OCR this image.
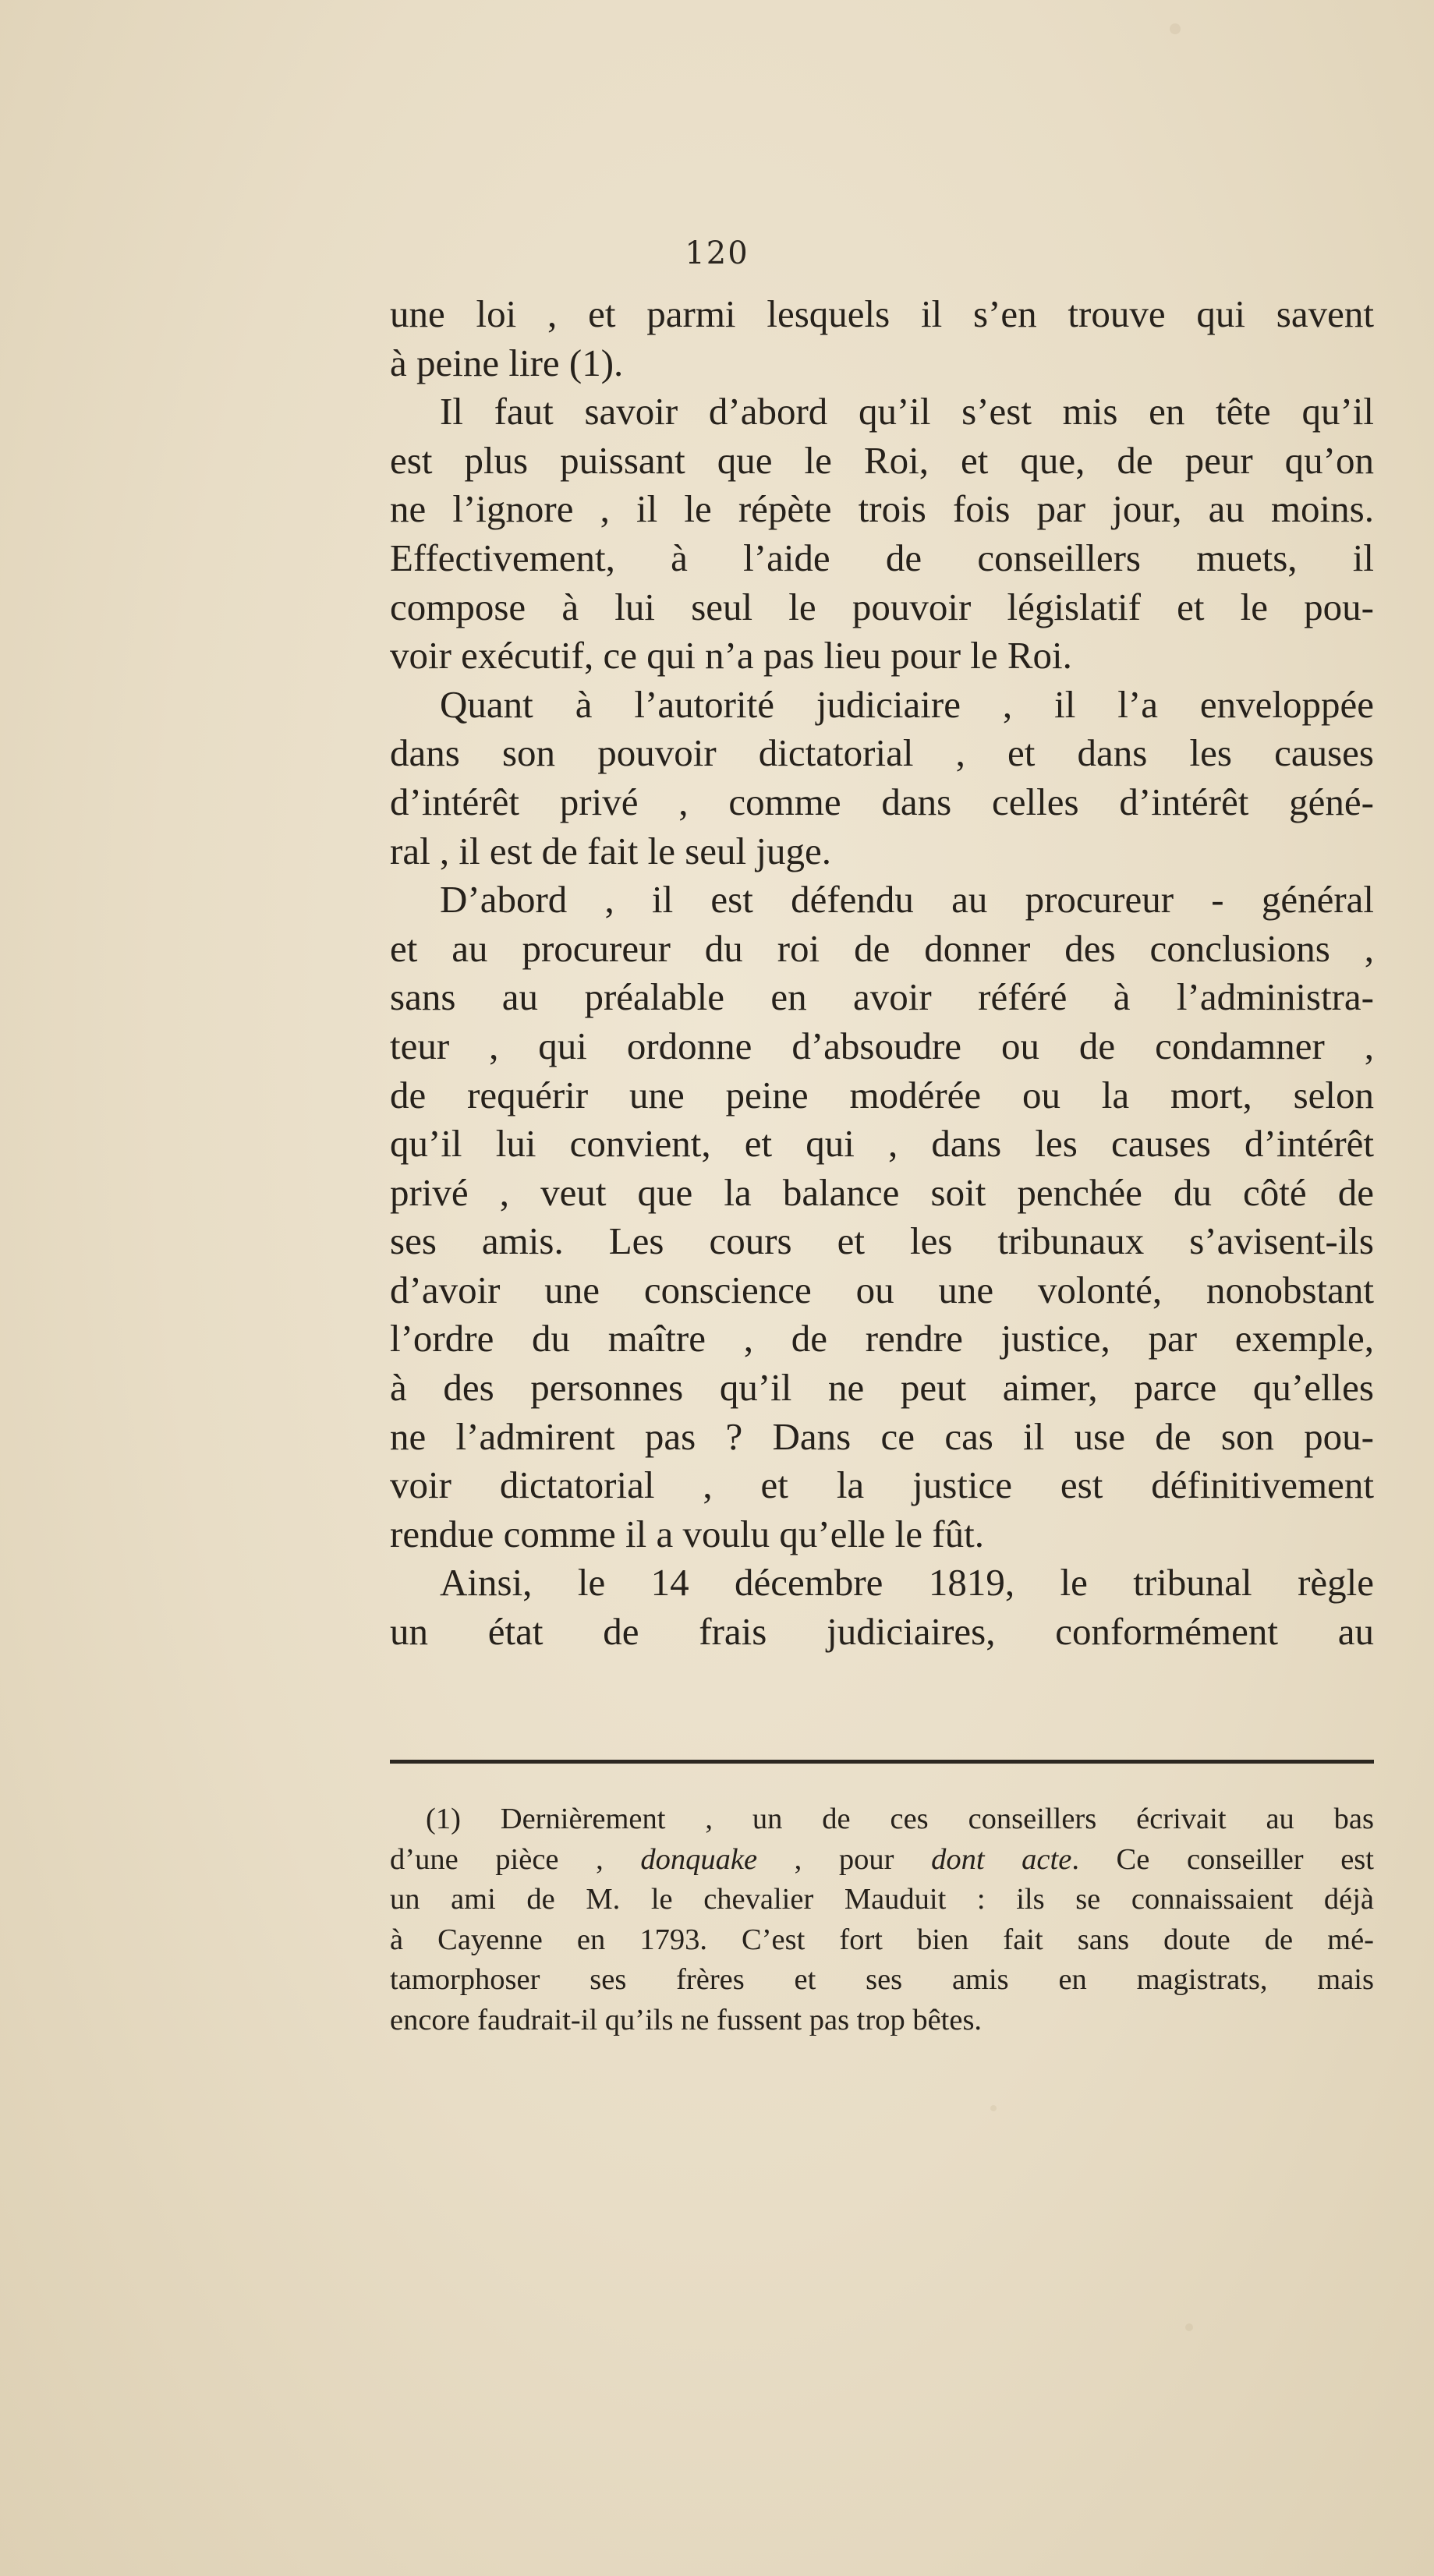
120
une loi , et parmi lesquels il s’en trouve qui savent
à peine lire (1).
Il faut savoir d’abord qu’il s’est mis en tête qu’il
est plus puissant que le Roi, et que, de peur qu’on
ne l’ignore , il le répète trois fois par jour, au moins.
Effectivement, à l’aide de conseillers muets, il
compose à lui seul le pouvoir législatif et le pou-
voir exécutif, ce qui n’a pas lieu pour le Roi.
Quant à l’autorité judiciaire , il l’a enveloppée
dans son pouvoir dictatorial , et dans les causes
d’intérêt privé , comme dans celles d’intérêt géné-
ral , il est de fait le seul juge.
D’abord , il est défendu au procureur - général
et au procureur du roi de donner des conclusions ,
sans au préalable en avoir référé à l’administra-
teur , qui ordonne d’absoudre ou de condamner ,
de requérir une peine modérée ou la mort, selon
qu’il lui convient, et qui , dans les causes d’intérêt
privé , veut que la balance soit penchée du côté de
ses amis. Les cours et les tribunaux s’avisent-ils
d’avoir une conscience ou une volonté, nonobstant
l’ordre du maître , de rendre justice, par exemple,
à des personnes qu’il ne peut aimer, parce qu’elles
ne l’admirent pas ? Dans ce cas il use de son pou-
voir dictatorial , et la justice est définitivement
rendue comme il a voulu qu’elle le fût.
Ainsi, le 14 décembre 1819, le tribunal règle
un état de frais judiciaires, conformément au
(1) Dernièrement , un de ces conseillers écrivait au bas
d’une pièce , donquake , pour dont acte. Ce conseiller est
un ami de M. le chevalier Mauduit : ils se connaissaient déjà
à Cayenne en 1793. C’est fort bien fait sans doute de mé-
tamorphoser ses frères et ses amis en magistrats, mais
encore faudrait-il qu’ils ne fussent pas trop bêtes.
